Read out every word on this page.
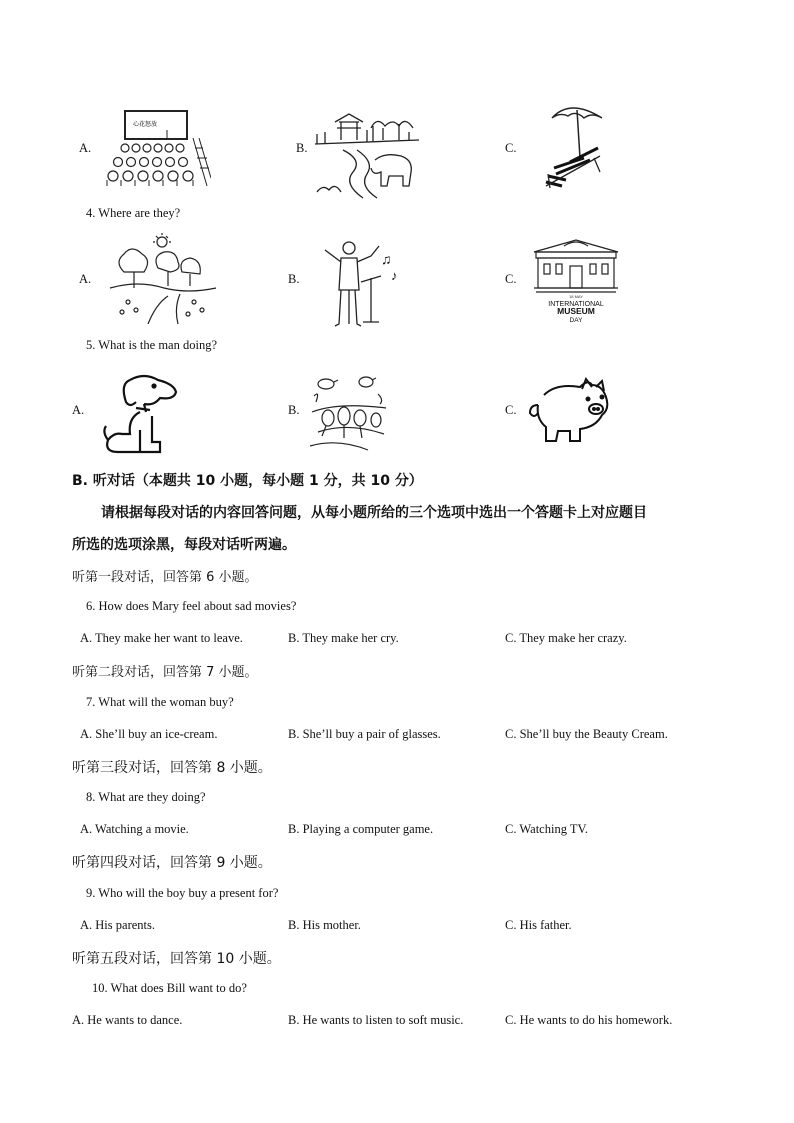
A.
心花怒放
B.	C.
4. Where are they?
A.	B.
♫
♪	C.
18 MAY
INTERNATIONAL
MUSEUM
DAY
5. What is the man doing?
A.	B.	C.
B. 听对话（本题共 10 小题，每小题 1 分，共 10 分）
请根据每段对话的内容回答问题，从每小题所给的三个选项中选出一个答题卡上对应题目
所选的选项涂黑，每段对话听两遍。
听第一段对话，回答第 6 小题。
6. How does Mary feel about sad movies?
A. They make her want to leave.	B. They make her cry.	C. They make her crazy.
听第二段对话，回答第 7 小题。
7. What will the woman buy?
A. She’ll buy an ice-cream.	B. She’ll buy a pair of glasses.	C. She’ll buy the Beauty Cream.
听第三段对话，回答第 8 小题。
8. What are they doing?
A. Watching a movie.	B. Playing a computer game.	C. Watching TV.
听第四段对话，回答第 9 小题。
9. Who will the boy buy a present for?
A. His parents.	B. His mother.	C. His father.
听第五段对话，回答第 10 小题。
10. What does Bill want to do?
A. He wants to dance.	B. He wants to listen to soft music.	C. He wants to do his homework.
